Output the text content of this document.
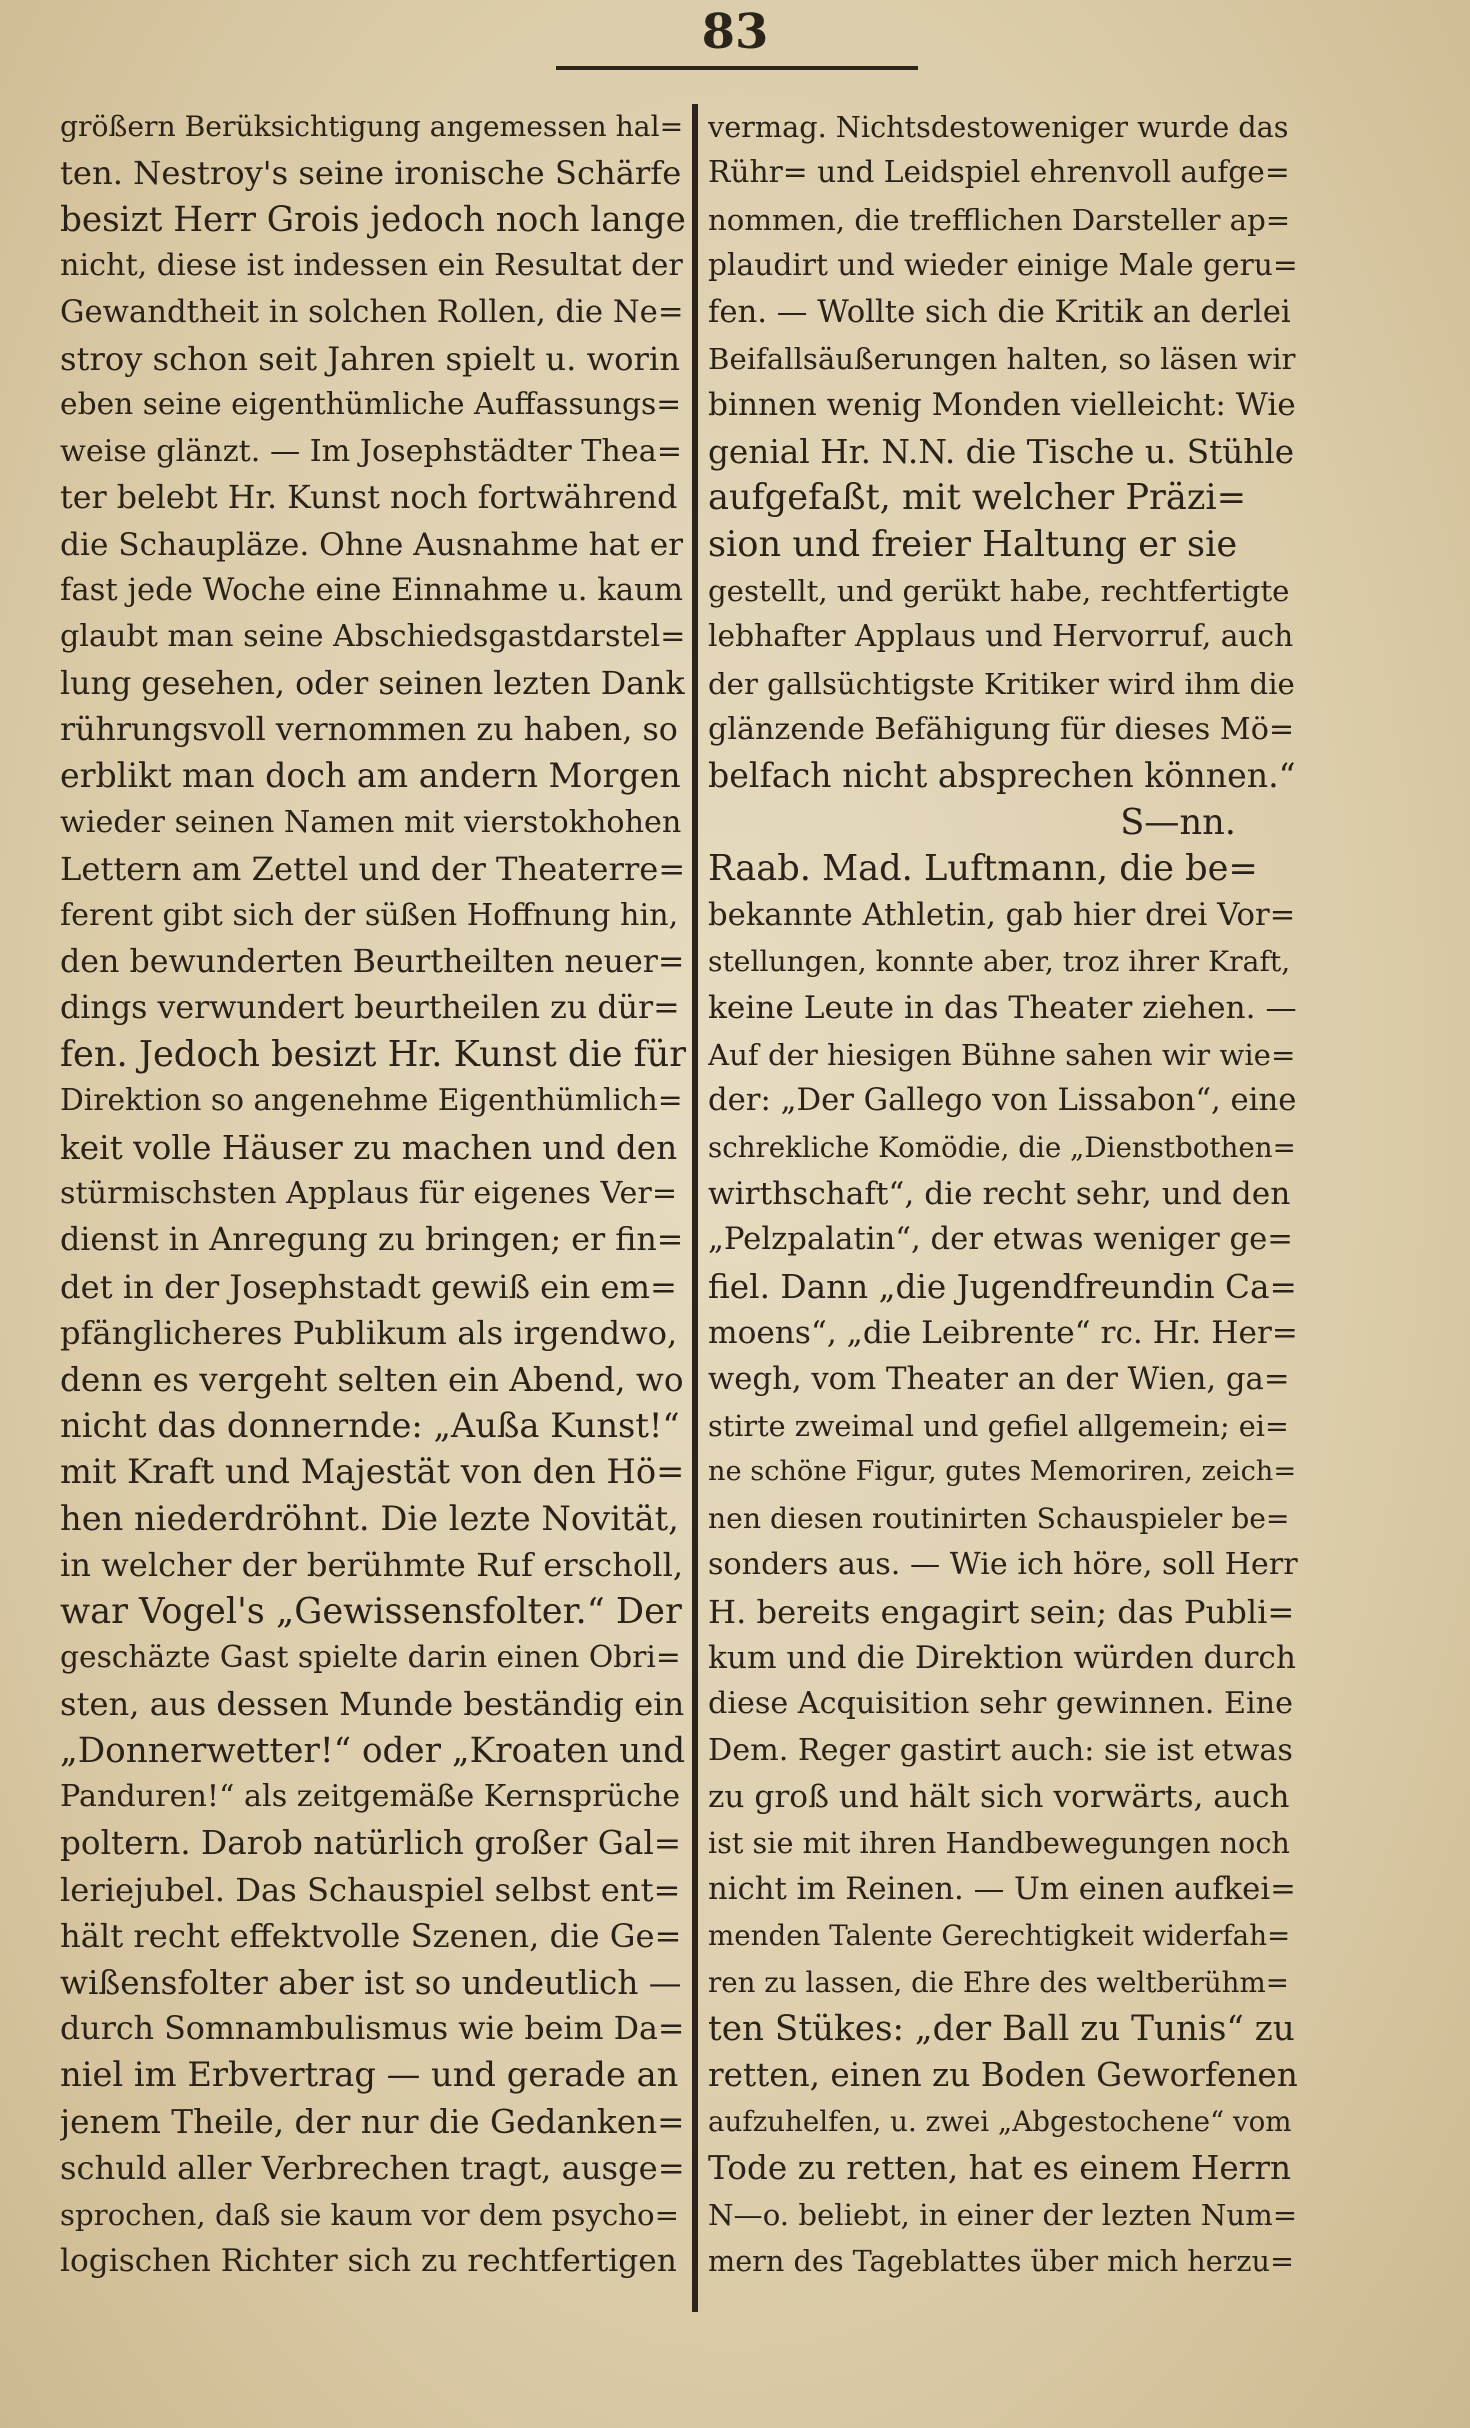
83
größern Berüksichtigung angemessen hal=
ten. Nestroy's seine ironische Schärfe
besizt Herr Grois jedoch noch lange
nicht, diese ist indessen ein Resultat der
Gewandtheit in solchen Rollen, die Ne=
stroy schon seit Jahren spielt u. worin
eben seine eigenthümliche Auffassungs=
weise glänzt. — Im Josephstädter Thea=
ter belebt Hr. Kunst noch fortwährend
die Schaupläze. Ohne Ausnahme hat er
fast jede Woche eine Einnahme u. kaum
glaubt man seine Abschiedsgastdarstel=
lung gesehen, oder seinen lezten Dank
rührungsvoll vernommen zu haben, so
erblikt man doch am andern Morgen
wieder seinen Namen mit vierstokhohen
Lettern am Zettel und der Theaterre=
ferent gibt sich der süßen Hoffnung hin,
den bewunderten Beurtheilten neuer=
dings verwundert beurtheilen zu dür=
fen. Jedoch besizt Hr. Kunst die für
Direktion so angenehme Eigenthümlich=
keit volle Häuser zu machen und den
stürmischsten Applaus für eigenes Ver=
dienst in Anregung zu bringen; er fin=
det in der Josephstadt gewiß ein em=
pfänglicheres Publikum als irgendwo,
denn es vergeht selten ein Abend, wo
nicht das donnernde: „Außa Kunst!“
mit Kraft und Majestät von den Hö=
hen niederdröhnt. Die lezte Novität,
in welcher der berühmte Ruf erscholl,
war Vogel's „Gewissensfolter.“ Der
geschäzte Gast spielte darin einen Obri=
sten, aus dessen Munde beständig ein
„Donnerwetter!“ oder „Kroaten und
Panduren!“ als zeitgemäße Kernsprüche
poltern. Darob natürlich großer Gal=
leriejubel. Das Schauspiel selbst ent=
hält recht effektvolle Szenen, die Ge=
wißensfolter aber ist so undeutlich —
durch Somnambulismus wie beim Da=
niel im Erbvertrag — und gerade an
jenem Theile, der nur die Gedanken=
schuld aller Verbrechen tragt, ausge=
sprochen, daß sie kaum vor dem psycho=
logischen Richter sich zu rechtfertigen
vermag. Nichtsdestoweniger wurde das
Rühr= und Leidspiel ehrenvoll aufge=
nommen, die trefflichen Darsteller ap=
plaudirt und wieder einige Male geru=
fen. — Wollte sich die Kritik an derlei
Beifallsäußerungen halten, so läsen wir
binnen wenig Monden vielleicht: Wie
genial Hr. N.N. die Tische u. Stühle
aufgefaßt, mit welcher Präzi=
sion und freier Haltung er sie
gestellt, und gerükt habe, rechtfertigte
lebhafter Applaus und Hervorruf, auch
der gallsüchtigste Kritiker wird ihm die
glänzende Befähigung für dieses Mö=
belfach nicht absprechen können.“
S—nn.
Raab. Mad. Luftmann, die be=
bekannte Athletin, gab hier drei Vor=
stellungen, konnte aber, troz ihrer Kraft,
keine Leute in das Theater ziehen. —
Auf der hiesigen Bühne sahen wir wie=
der: „Der Gallego von Lissabon“, eine
schrekliche Komödie, die „Dienstbothen=
wirthschaft“, die recht sehr, und den
„Pelzpalatin“, der etwas weniger ge=
fiel. Dann „die Jugendfreundin Ca=
moens“, „die Leibrente“ rc. Hr. Her=
wegh, vom Theater an der Wien, ga=
stirte zweimal und gefiel allgemein; ei=
ne schöne Figur, gutes Memoriren, zeich=
nen diesen routinirten Schauspieler be=
sonders aus. — Wie ich höre, soll Herr
H. bereits engagirt sein; das Publi=
kum und die Direktion würden durch
diese Acquisition sehr gewinnen. Eine
Dem. Reger gastirt auch: sie ist etwas
zu groß und hält sich vorwärts, auch
ist sie mit ihren Handbewegungen noch
nicht im Reinen. — Um einen aufkei=
menden Talente Gerechtigkeit widerfah=
ren zu lassen, die Ehre des weltberühm=
ten Stükes: „der Ball zu Tunis“ zu
retten, einen zu Boden Geworfenen
aufzuhelfen, u. zwei „Abgestochene“ vom
Tode zu retten, hat es einem Herrn
N—o. beliebt, in einer der lezten Num=
mern des Tageblattes über mich herzu=
